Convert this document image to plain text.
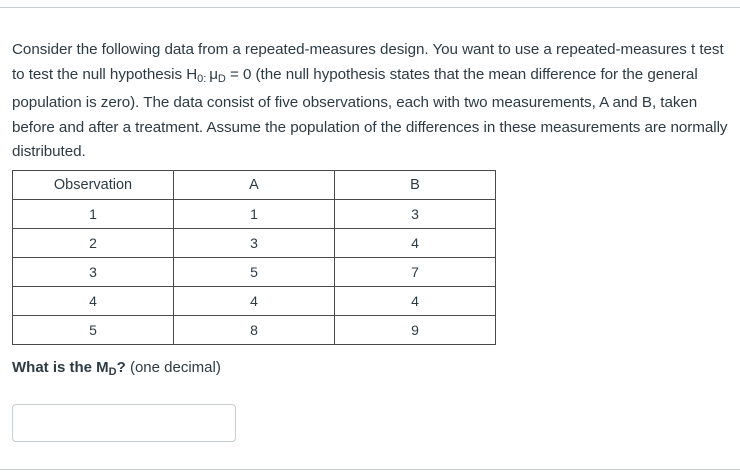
Consider the following data from a repeated-measures design. You want to use a repeated-measures t test to test the null hypothesis $H_{0:}$ $\mu_D = 0$ (the null hypothesis states that the mean difference for the general population is zero). The data consist of five observations, each with two measurements, A and B, taken before and after a treatment. Assume the population of the differences in these measurements are normally distributed.
Observation	A	B
1	1	3
2	3	4
3	5	7
4	4	4
5	8	9
What is the $M_D$? (one decimal)
